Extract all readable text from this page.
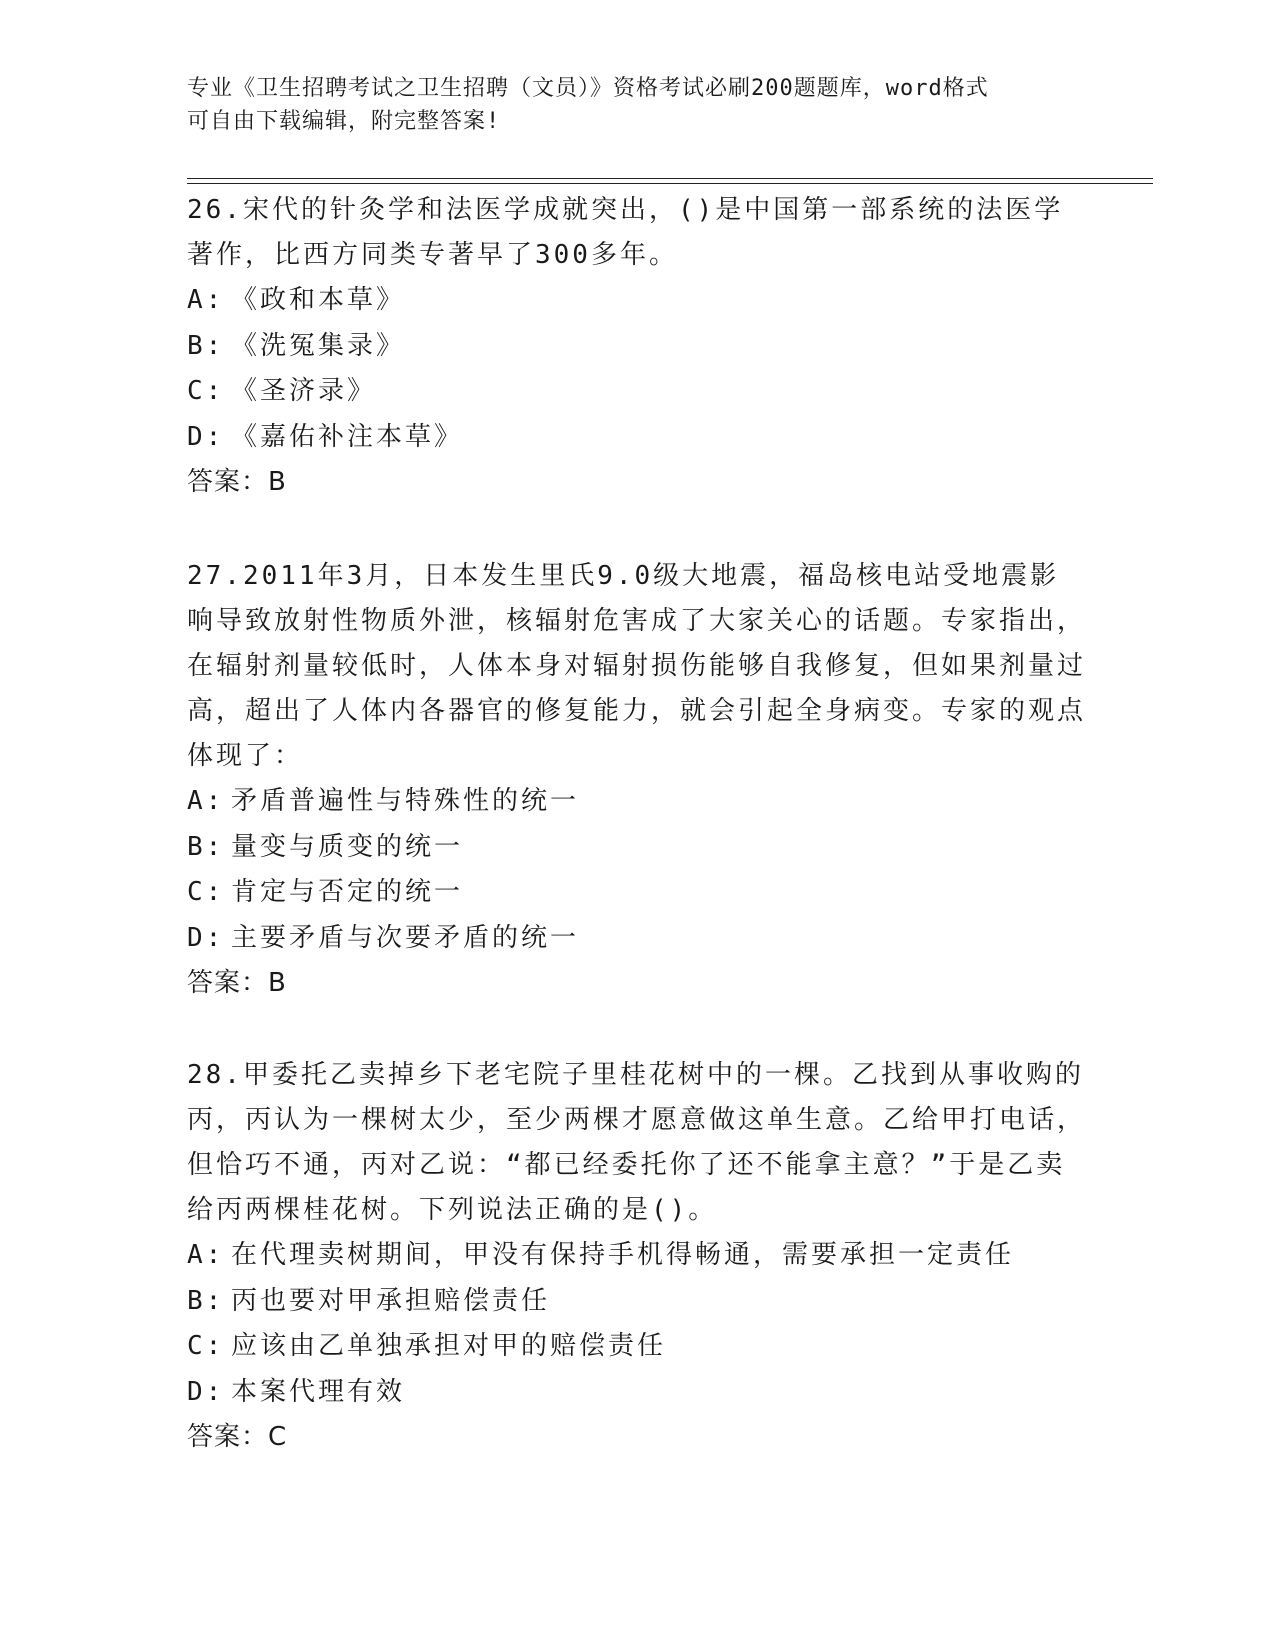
专业《卫生招聘考试之卫生招聘（文员）》资格考试必刷200题题库，word格式
可自由下载编辑，附完整答案!

26.宋代的针灸学和法医学成就突出，()是中国第一部系统的法医学著作，比西方同类专著早了300多年。

A: 《政和本草》
B: 《洗冤集录》
C: 《圣济录》
D: 《嘉佑补注本草》
答案：B

27.2011年3月，日本发生里氏9.0级大地震，福岛核电站受地震影响导致放射性物质外泄，核辐射危害成了大家关心的话题。专家指出，在辐射剂量较低时，人体本身对辐射损伤能够自我修复，但如果剂量过高，超出了人体内各器官的修复能力，就会引起全身病变。专家的观点体现了：

A: 矛盾普遍性与特殊性的统一
B: 量变与质变的统一
C: 肯定与否定的统一
D: 主要矛盾与次要矛盾的统一
答案：B

28.甲委托乙卖掉乡下老宅院子里桂花树中的一棵。乙找到从事收购的丙，丙认为一棵树太少，至少两棵才愿意做这单生意。乙给甲打电话，但恰巧不通，丙对乙说：“都已经委托你了还不能拿主意？”于是乙卖给丙两棵桂花树。下列说法正确的是()。

A: 在代理卖树期间，甲没有保持手机得畅通，需要承担一定责任
B: 丙也要对甲承担赔偿责任
C: 应该由乙单独承担对甲的赔偿责任
D: 本案代理有效
答案：C
